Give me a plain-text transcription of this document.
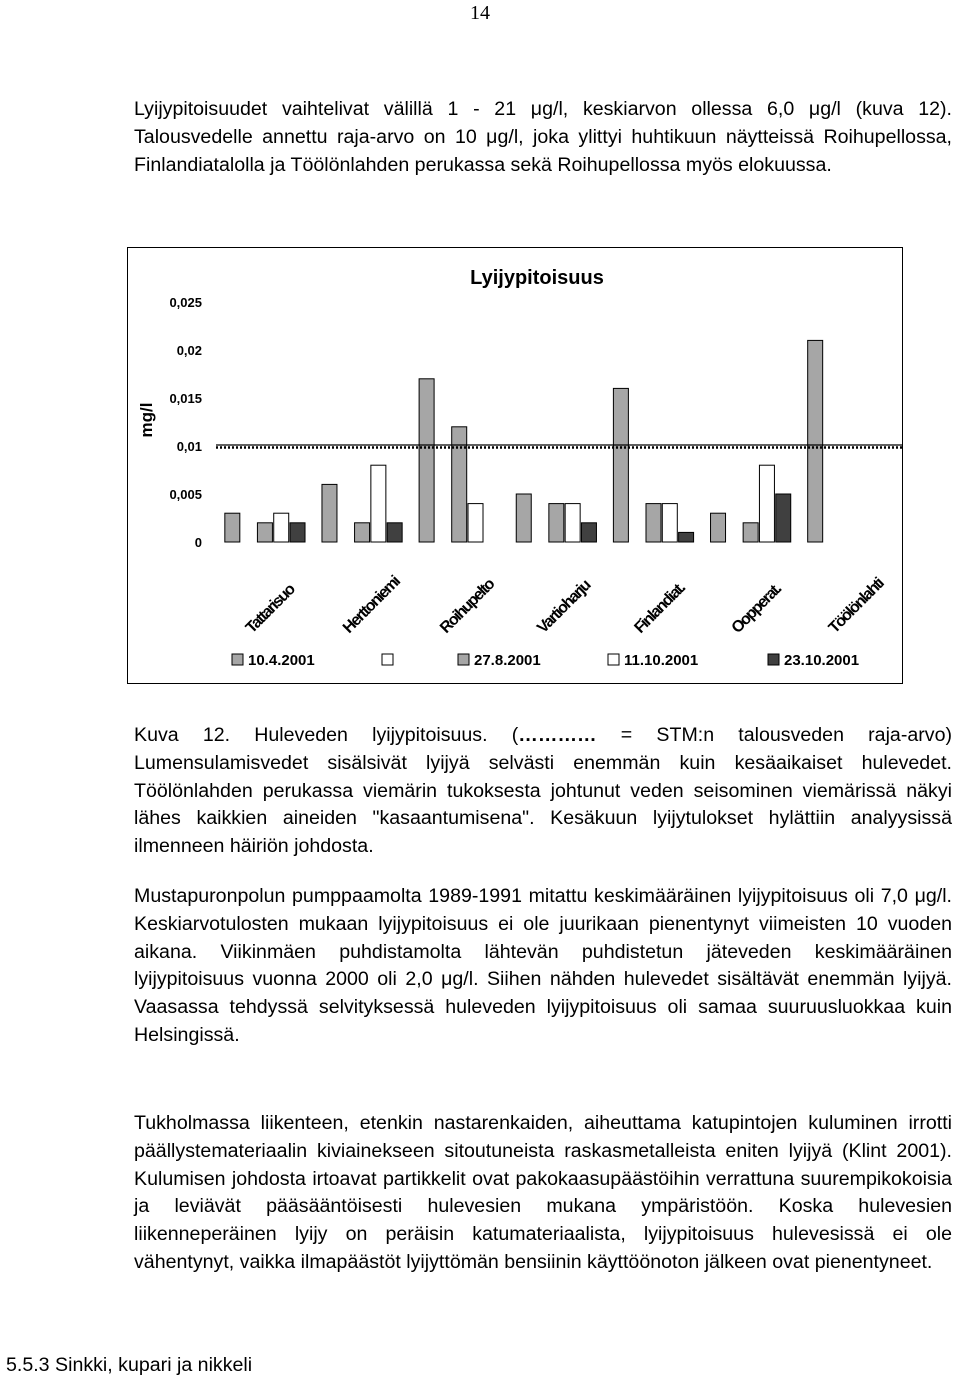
14

Lyijypitoisuudet vaihtelivat välillä 1 - 21 μg/l, keskiarvon ollessa 6,0 μg/l (kuva 12). Talousvedelle annettu raja-arvo on 10 μg/l, joka ylittyi huhtikuun näytteissä Roihupellossa, Finlandiatalolla ja Töölönlahden perukassa sekä Roihupellossa myös elokuussa.

Lyijypitoisuus
mg/l
0
0,005
0,01
0,015
0,02
0,025
Tattarisuo	Herttoniemi Roihupelto Vartioharju Finlandiat.	Oopperat.	Töölönlahti
10.4.2001	27.8.2001	11.10.2001	23.10.2001
Kuva 12. Huleveden lyijypitoisuus. (………… = STM:n talousveden raja-arvo) Lumensulamisvedet sisälsivät lyijyä selvästi enemmän kuin kesäaikaiset hulevedet. Töölönlahden perukassa viemärin tukoksesta johtunut veden seisominen viemärissä näkyi lähes kaikkien aineiden "kasaantumisena". Kesäkuun lyijytulokset hylättiin analyysissä ilmenneen häiriön johdosta.

Mustapuronpolun pumppaamolta 1989-1991 mitattu keskimääräinen lyijypitoisuus oli 7,0 μg/l. Keskiarvotulosten mukaan lyijypitoisuus ei ole juurikaan pienentynyt viimeisten 10 vuoden aikana. Viikinmäen puhdistamolta lähtevän puhdistetun jäteveden keskimääräinen lyijypitoisuus vuonna 2000 oli 2,0 μg/l. Siihen nähden hulevedet sisältävät enemmän lyijyä. Vaasassa tehdyssä selvityksessä huleveden lyijypitoisuus oli samaa suuruusluokkaa kuin Helsingissä.

Tukholmassa liikenteen, etenkin nastarenkaiden, aiheuttama katupintojen kuluminen irrotti päällystemateriaalin kiviainekseen sitoutuneista raskasmetalleista eniten lyijyä (Klint 2001). Kulumisen johdosta irtoavat partikkelit ovat pakokaasupäästöihin verrattuna suurempikokoisia ja leviävät pääsääntöisesti hulevesien mukana ympäristöön. Koska hulevesien liikenneperäinen lyijy on peräisin katumateriaalista, lyijypitoisuus hulevesissä ei ole vähentynyt, vaikka ilmapäästöt lyijyttömän bensiinin käyttöönoton jälkeen ovat pienentyneet.

5.5.3 Sinkki, kupari ja nikkeli
